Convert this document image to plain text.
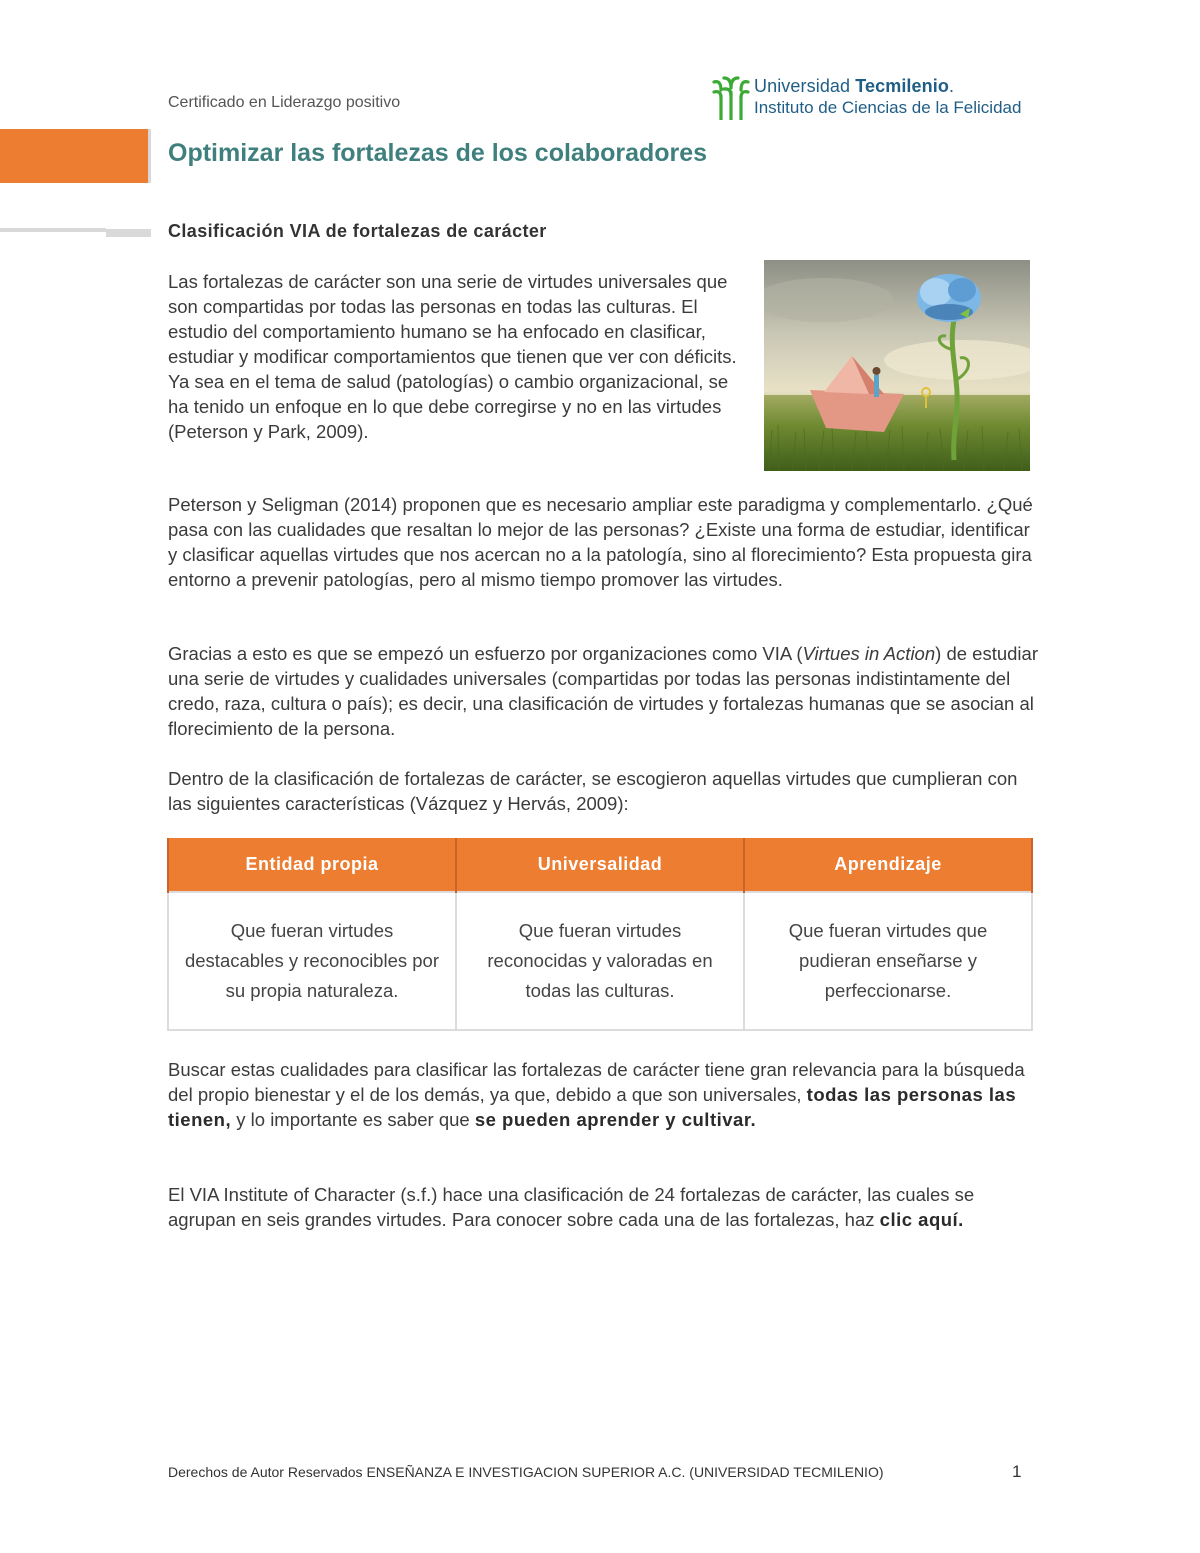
Certificado en Liderazgo positivo
Universidad Tecmilenio.
Instituto de Ciencias de la Felicidad
Optimizar las fortalezas de los colaboradores
Clasificación VIA de fortalezas de carácter
Las fortalezas de carácter son una serie de virtudes universales que son compartidas por todas las personas en todas las culturas. El estudio del comportamiento humano se ha enfocado en clasificar, estudiar y modificar comportamientos que tienen que ver con déficits. Ya sea en el tema de salud (patologías) o cambio organizacional, se ha tenido un enfoque en lo que debe corregirse y no en las virtudes (Peterson y Park, 2009).
Peterson y Seligman (2014) proponen que es necesario ampliar este paradigma y complementarlo. ¿Qué pasa con las cualidades que resaltan lo mejor de las personas? ¿Existe una forma de estudiar, identificar y clasificar aquellas virtudes que nos acercan no a la patología, sino al florecimiento? Esta propuesta gira entorno a prevenir patologías, pero al mismo tiempo promover las virtudes.
Gracias a esto es que se empezó un esfuerzo por organizaciones como VIA (Virtues in Action) de estudiar una serie de virtudes y cualidades universales (compartidas por todas las personas indistintamente del credo, raza, cultura o país); es decir, una clasificación de virtudes y fortalezas humanas que se asocian al florecimiento de la persona.
Dentro de la clasificación de fortalezas de carácter, se escogieron aquellas virtudes que cumplieran con las siguientes características (Vázquez y Hervás, 2009):
Entidad propia	Universalidad	Aprendizaje
Que fueran virtudes destacables y reconocibles por su propia naturaleza.	Que fueran virtudes reconocidas y valoradas en todas las culturas.	Que fueran virtudes que pudieran enseñarse y perfeccionarse.
Buscar estas cualidades para clasificar las fortalezas de carácter tiene gran relevancia para la búsqueda del propio bienestar y el de los demás, ya que, debido a que son universales, todas las personas las tienen, y lo importante es saber que se pueden aprender y cultivar.
El VIA Institute of Character (s.f.) hace una clasificación de 24 fortalezas de carácter, las cuales se agrupan en seis grandes virtudes. Para conocer sobre cada una de las fortalezas, haz clic aquí.
Derechos de Autor Reservados ENSEÑANZA E INVESTIGACION SUPERIOR A.C. (UNIVERSIDAD TECMILENIO)	1
